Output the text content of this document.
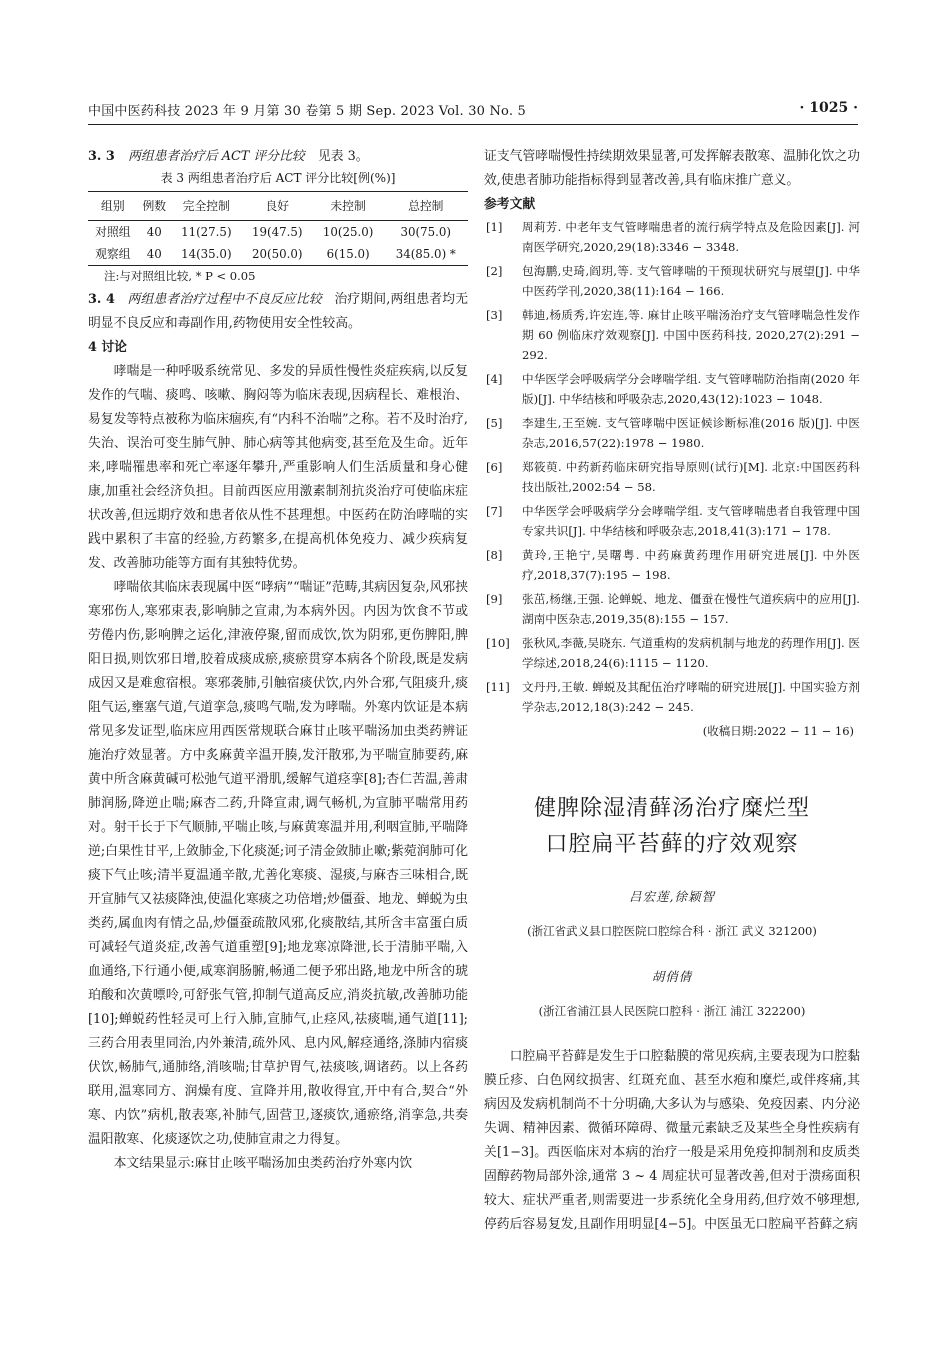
中国中医药科技 2023 年 9 月第 30 卷第 5 期 Sep. 2023 Vol. 30 No. 5	· 1025 ·

3. 3 两组患者治疗后 ACT 评分比较 见表 3。

表 3 两组患者治疗后 ACT 评分比较[例(%)]
组别	例数	完全控制	良好	未控制	总控制
对照组	40	11(27.5)	19(47.5)	10(25.0)	30(75.0)
观察组	40	14(35.0)	20(50.0)	6(15.0)	34(85.0) *
注:与对照组比较, * P < 0.05

3. 4 两组患者治疗过程中不良反应比较 治疗期间,两组患者均无明显不良反应和毒副作用,药物使用安全性较高。

4 讨论

哮喘是一种呼吸系统常见、多发的异质性慢性炎症疾病,以反复发作的气喘、痰鸣、咳嗽、胸闷等为临床表现,因病程长、难根治、易复发等特点被称为临床痼疾,有“内科不治喘”之称。若不及时治疗,失治、误治可变生肺气肿、肺心病等其他病变,甚至危及生命。近年来,哮喘罹患率和死亡率逐年攀升,严重影响人们生活质量和身心健康,加重社会经济负担。目前西医应用激素制剂抗炎治疗可使临床症状改善,但远期疗效和患者依从性不甚理想。中医药在防治哮喘的实践中累积了丰富的经验,方药繁多,在提高机体免疫力、减少疾病复发、改善肺功能等方面有其独特优势。

哮喘依其临床表现属中医“哮病”“喘证”范畴,其病因复杂,风邪挟寒邪伤人,寒邪束表,影响肺之宣肃,为本病外因。内因为饮食不节或劳倦内伤,影响脾之运化,津液停聚,留而成饮,饮为阴邪,更伤脾阳,脾阳日损,则饮邪日增,胶着成痰成瘀,痰瘀贯穿本病各个阶段,既是发病成因又是难愈宿根。寒邪袭肺,引触宿痰伏饮,内外合邪,气阻痰升,痰阻气运,壅塞气道,气道挛急,痰鸣气喘,发为哮喘。外寒内饮证是本病常见多发证型,临床应用西医常规联合麻甘止咳平喘汤加虫类药辨证施治疗效显著。方中炙麻黄辛温开腠,发汗散邪,为平喘宣肺要药,麻黄中所含麻黄碱可松弛气道平滑肌,缓解气道痉挛[8];杏仁苦温,善肃肺润肠,降逆止喘;麻杏二药,升降宣肃,调气畅机,为宣肺平喘常用药对。射干长于下气顺肺,平喘止咳,与麻黄寒温并用,利咽宣肺,平喘降逆;白果性甘平,上敛肺金,下化痰涎;诃子清金敛肺止嗽;紫菀润肺可化痰下气止咳;清半夏温通辛散,尤善化寒痰、湿痰,与麻杏三味相合,既开宣肺气又祛痰降浊,使温化寒痰之功倍增;炒僵蚕、地龙、蝉蜕为虫类药,属血肉有情之品,炒僵蚕疏散风邪,化痰散结,其所含丰富蛋白质可减轻气道炎症,改善气道重塑[9];地龙寒凉降泄,长于清肺平喘,入血通络,下行通小便,咸寒润肠腑,畅通二便予邪出路,地龙中所含的琥珀酸和次黄嘌呤,可舒张气管,抑制气道高反应,消炎抗敏,改善肺功能[10];蝉蜕药性轻灵可上行入肺,宣肺气,止痉风,祛痰喘,通气道[11];三药合用表里同治,内外兼清,疏外风、息内风,解痉通络,涤肺内宿痰伏饮,畅肺气,通肺络,消咳喘;甘草护胃气,祛痰咳,调诸药。以上各药联用,温寒同方、润燥有度、宣降并用,散收得宜,开中有合,契合“外寒、内饮”病机,散表寒,补肺气,固营卫,逐痰饮,通瘀络,消挛急,共奏温阳散寒、化痰逐饮之功,使肺宣肃之力得复。

本文结果显示:麻甘止咳平喘汤加虫类药治疗外寒内饮

证支气管哮喘慢性持续期效果显著,可发挥解表散寒、温肺化饮之功效,使患者肺功能指标得到显著改善,具有临床推广意义。

参考文献

[1] 周莉芳. 中老年支气管哮喘患者的流行病学特点及危险因素[J]. 河南医学研究,2020,29(18):3346 − 3348.
[2] 包海鹏,史琦,阎玥,等. 支气管哮喘的干预现状研究与展望[J]. 中华中医药学刊,2020,38(11):164 − 166.
[3] 韩迪,杨质秀,许宏连,等. 麻甘止咳平喘汤治疗支气管哮喘急性发作期 60 例临床疗效观察[J]. 中国中医药科技, 2020,27(2):291 − 292.
[4] 中华医学会呼吸病学分会哮喘学组. 支气管哮喘防治指南(2020 年版)[J]. 中华结核和呼吸杂志,2020,43(12):1023 − 1048.
[5] 李建生,王至婉. 支气管哮喘中医证候诊断标准(2016 版)[J]. 中医杂志,2016,57(22):1978 − 1980.
[6] 郑筱萸. 中药新药临床研究指导原则(试行)[M]. 北京:中国医药科技出版社,2002:54 − 58.
[7] 中华医学会呼吸病学分会哮喘学组. 支气管哮喘患者自我管理中国专家共识[J]. 中华结核和呼吸杂志,2018,41(3):171 − 178.
[8] 黄玲,王艳宁,吴曙粤. 中药麻黄药理作用研究进展[J]. 中外医疗,2018,37(7):195 − 198.
[9] 张茁,杨继,王强. 论蝉蜕、地龙、僵蚕在慢性气道疾病中的应用[J]. 湖南中医杂志,2019,35(8):155 − 157.
[10] 张秋风,李薇,吴晓东. 气道重构的发病机制与地龙的药理作用[J]. 医学综述,2018,24(6):1115 − 1120.
[11] 文丹丹,王敏. 蝉蜕及其配伍治疗哮喘的研究进展[J]. 中国实验方剂学杂志,2012,18(3):242 − 245.
(收稿日期:2022 − 11 − 16)
健脾除湿清藓汤治疗糜烂型
口腔扁平苔藓的疗效观察
吕宏莲,徐颖智
(浙江省武义县口腔医院口腔综合科 · 浙江 武义 321200)
胡俏倩
(浙江省浦江县人民医院口腔科 · 浙江 浦江 322200)

口腔扁平苔藓是发生于口腔黏膜的常见疾病,主要表现为口腔黏膜丘疹、白色网纹损害、红斑充血、甚至水疱和糜烂,或伴疼痛,其病因及发病机制尚不十分明确,大多认为与感染、免疫因素、内分泌失调、精神因素、微循环障碍、微量元素缺乏及某些全身性疾病有关[1−3]。西医临床对本病的治疗一般是采用免疫抑制剂和皮质类固醇药物局部外涂,通常 3 ~ 4 周症状可显著改善,但对于溃疡面积较大、症状严重者,则需要进一步系统化全身用药,但疗效不够理想,停药后容易复发,且副作用明显[4−5]。中医虽无口腔扁平苔藓之病
